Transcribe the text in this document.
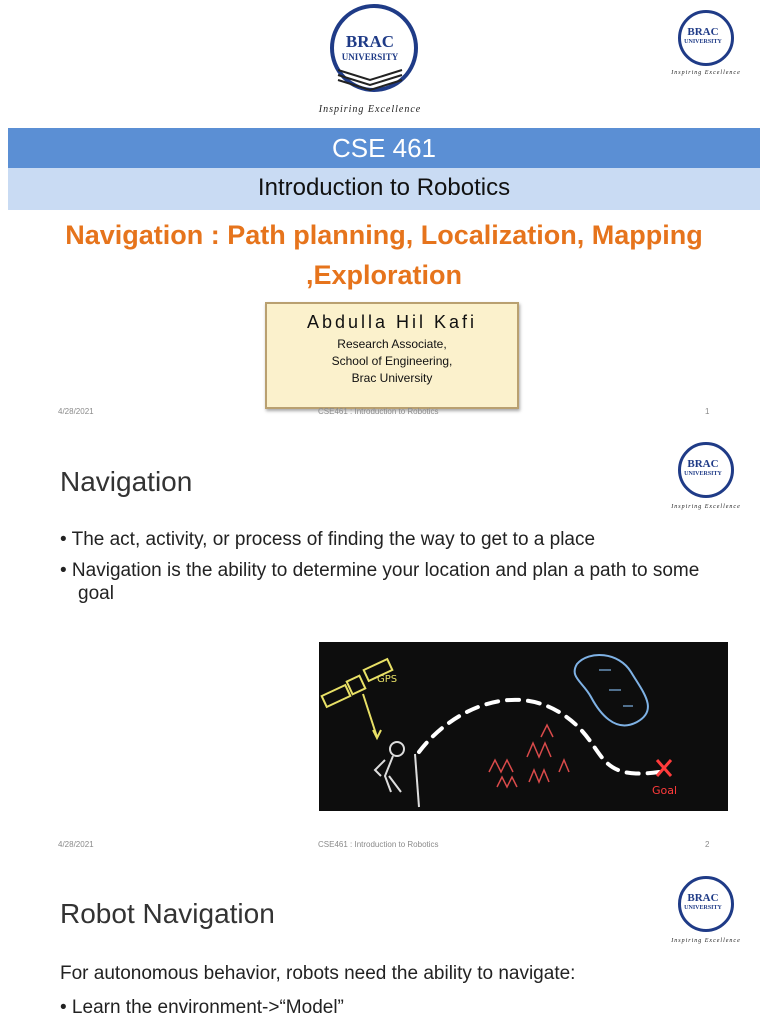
BRAC
UNIVERSITY
Inspiring Excellence
BRAC
UNIVERSITY
Inspiring Excellence
CSE 461
Introduction to Robotics
Navigation : Path planning, Localization, Mapping
,Exploration
Abdulla Hil Kafi
Research Associate,
School of Engineering,
Brac University
4/28/2021	CSE461 : Introduction to Robotics	1
BRAC
UNIVERSITY
Inspiring Excellence
Navigation
• The act, activity, or process of finding the way to get to a place
• Navigation is the ability to determine your location and plan a path to some goal
GPS
Goal
4/28/2021	CSE461 : Introduction to Robotics	2
BRAC
UNIVERSITY
Inspiring Excellence
Robot Navigation
For autonomous behavior, robots need the ability to navigate:
• Learn the environment->“Model”
